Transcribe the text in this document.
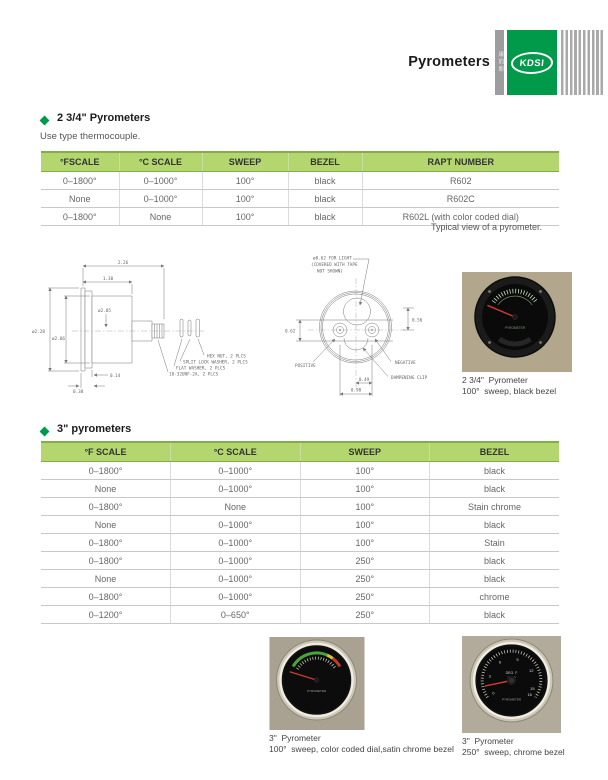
Pyrometers	康的斯	KDSI
2 3/4" Pyrometers
Use type thermocouple.
°FSCALE	°C SCALE	SWEEP	BEZEL	RAPT NUMBER
0–1800°	0–1000°	100°	black	R602
None	0–1000°	100°	black	R602C
0–1800°	None	100°	black	R602L (with color coded dial)
Typical view of a pyrometer.
2.26
1.30
ø2.05
ø2.28
ø2.06
0.14
0.38
HEX NUT, 2 PLCS
SPLIT LOCK WASHER, 2 PLCS
FLAT WASHER, 2 PLCS
10-32UNF-2A, 2 PLCS
ø0.62 FOR LIGHT
(COVERED WITH TAPE
NOT SHOWN)
0.62
0.56
POSITIVE
NEGATIVE
DAMPENING CLIP
0.49
0.98
PYROMETER
2 3/4"  Pyrometer
100°  sweep, black bezel
3" pyrometers
°F SCALE	°C SCALE	SWEEP	BEZEL
0–1800°	0–1000°	100°	black
None	0–1000°	100°	black
0–1800°	None	100°	Stain chrome
None	0–1000°	100°	black
0–1800°	0–1000°	100°	Stain
0–1800°	0–1000°	250°	black
None	0–1000°	250°	black
0–1800°	0–1000°	250°	chrome
0–1200°	0–650°	250°	black
PYROMETER
3"  Pyrometer
100°  sweep, color coded dial,satin chrome bezel
0
3
6
9
12
15
16
DEG. F
PYROMETER
3"  Pyrometer
250°  sweep, chrome bezel
